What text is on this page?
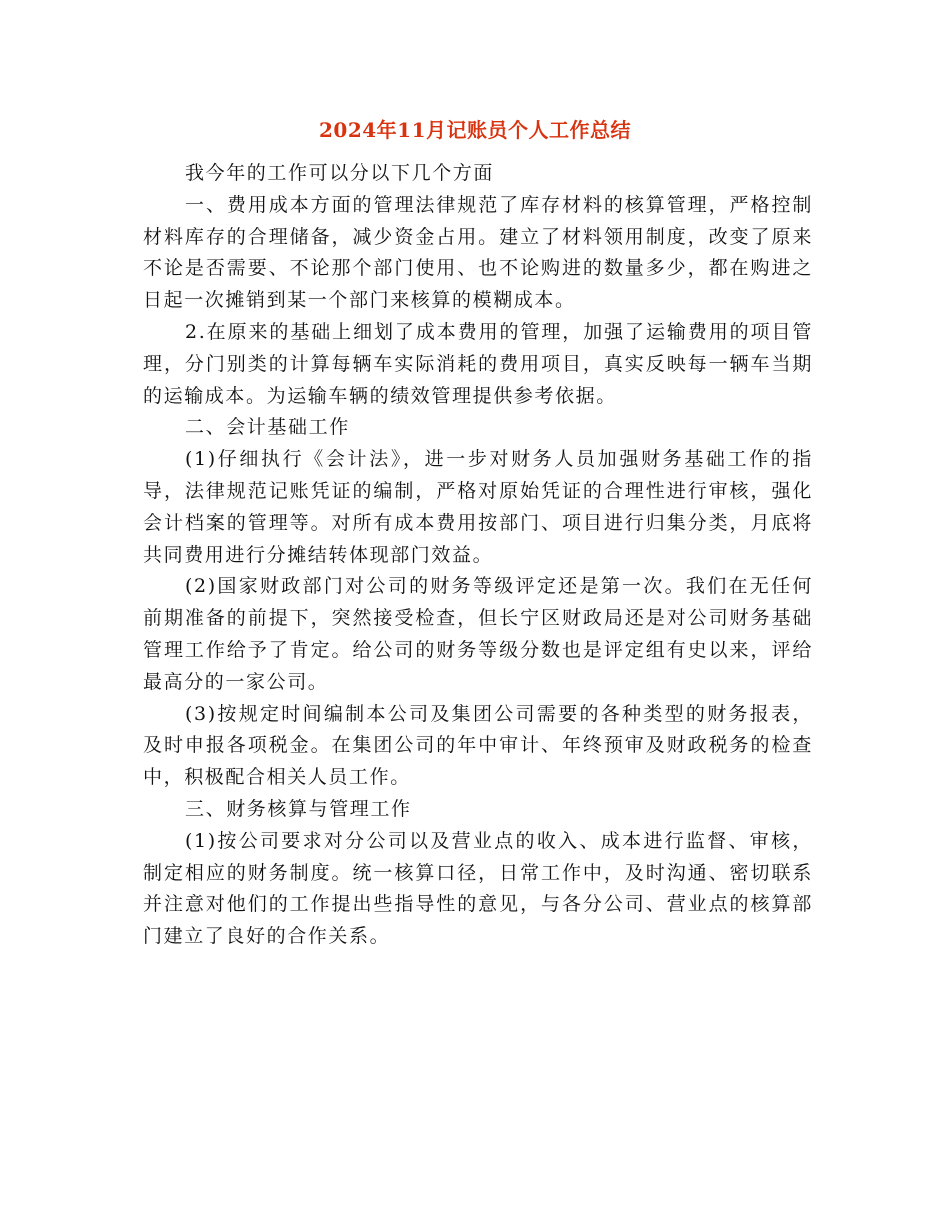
2024年11月记账员个人工作总结

我今年的工作可以分以下几个方面

一、费用成本方面的管理法律规范了库存材料的核算管理，严格控制材料库存的合理储备，减少资金占用。建立了材料领用制度，改变了原来不论是否需要、不论那个部门使用、也不论购进的数量多少，都在购进之日起一次摊销到某一个部门来核算的模糊成本。

2.在原来的基础上细划了成本费用的管理，加强了运输费用的项目管理，分门别类的计算每辆车实际消耗的费用项目，真实反映每一辆车当期的运输成本。为运输车辆的绩效管理提供参考依据。

二、会计基础工作

(1)仔细执行《会计法》，进一步对财务人员加强财务基础工作的指导，法律规范记账凭证的编制，严格对原始凭证的合理性进行审核，强化会计档案的管理等。对所有成本费用按部门、项目进行归集分类，月底将共同费用进行分摊结转体现部门效益。

(2)国家财政部门对公司的财务等级评定还是第一次。我们在无任何前期准备的前提下，突然接受检查，但长宁区财政局还是对公司财务基础管理工作给予了肯定。给公司的财务等级分数也是评定组有史以来，评给最高分的一家公司。

(3)按规定时间编制本公司及集团公司需要的各种类型的财务报表，及时申报各项税金。在集团公司的年中审计、年终预审及财政税务的检查中，积极配合相关人员工作。

三、财务核算与管理工作

(1)按公司要求对分公司以及营业点的收入、成本进行监督、审核，制定相应的财务制度。统一核算口径，日常工作中，及时沟通、密切联系并注意对他们的工作提出些指导性的意见，与各分公司、营业点的核算部门建立了良好的合作关系。
